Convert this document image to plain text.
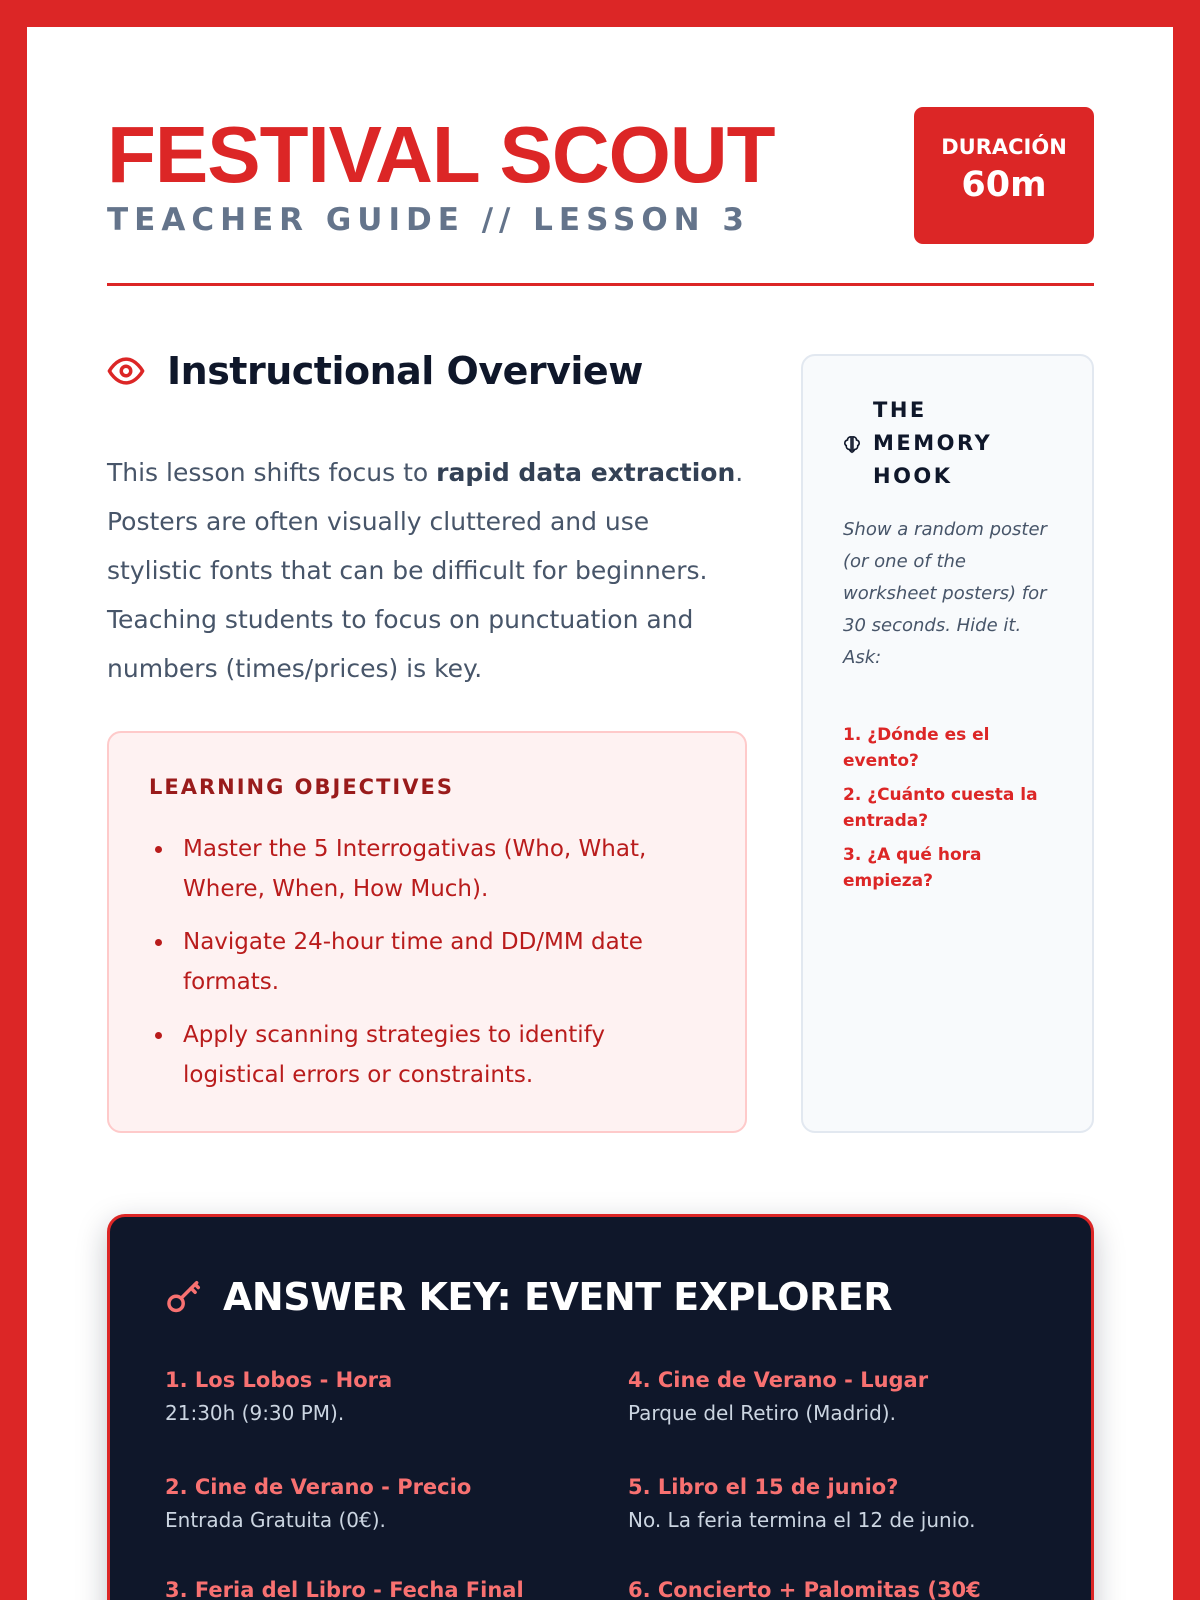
FESTIVAL SCOUT
TEACHER GUIDE // LESSON 3
DURACIÓN
60m
Instructional Overview

This lesson shifts focus to rapid data extraction. Posters are often visually cluttered and use stylistic fonts that can be difficult for beginners. Teaching students to focus on punctuation and numbers (times/prices) is key.

LEARNING OBJECTIVES
Master the 5 Interrogativas (Who, What, Where, When, How Much).
Navigate 24-hour time and DD/MM date formats.
Apply scanning strategies to identify logistical errors or constraints.
THE MEMORY HOOK

Show a random poster (or one of the worksheet posters) for 30 seconds. Hide it. Ask:

1. ¿Dónde es el evento?
2. ¿Cuánto cuesta la entrada?
3. ¿A qué hora empieza?
ANSWER KEY: EVENT EXPLORER
1. Los Lobos - Hora
21:30h (9:30 PM).
2. Cine de Verano - Precio
Entrada Gratuita (0€).
3. Feria del Libro - Fecha Final
4. Cine de Verano - Lugar
Parque del Retiro (Madrid).
5. Libro el 15 de junio?
No. La feria termina el 12 de junio.
6. Concierto + Palomitas (30€
